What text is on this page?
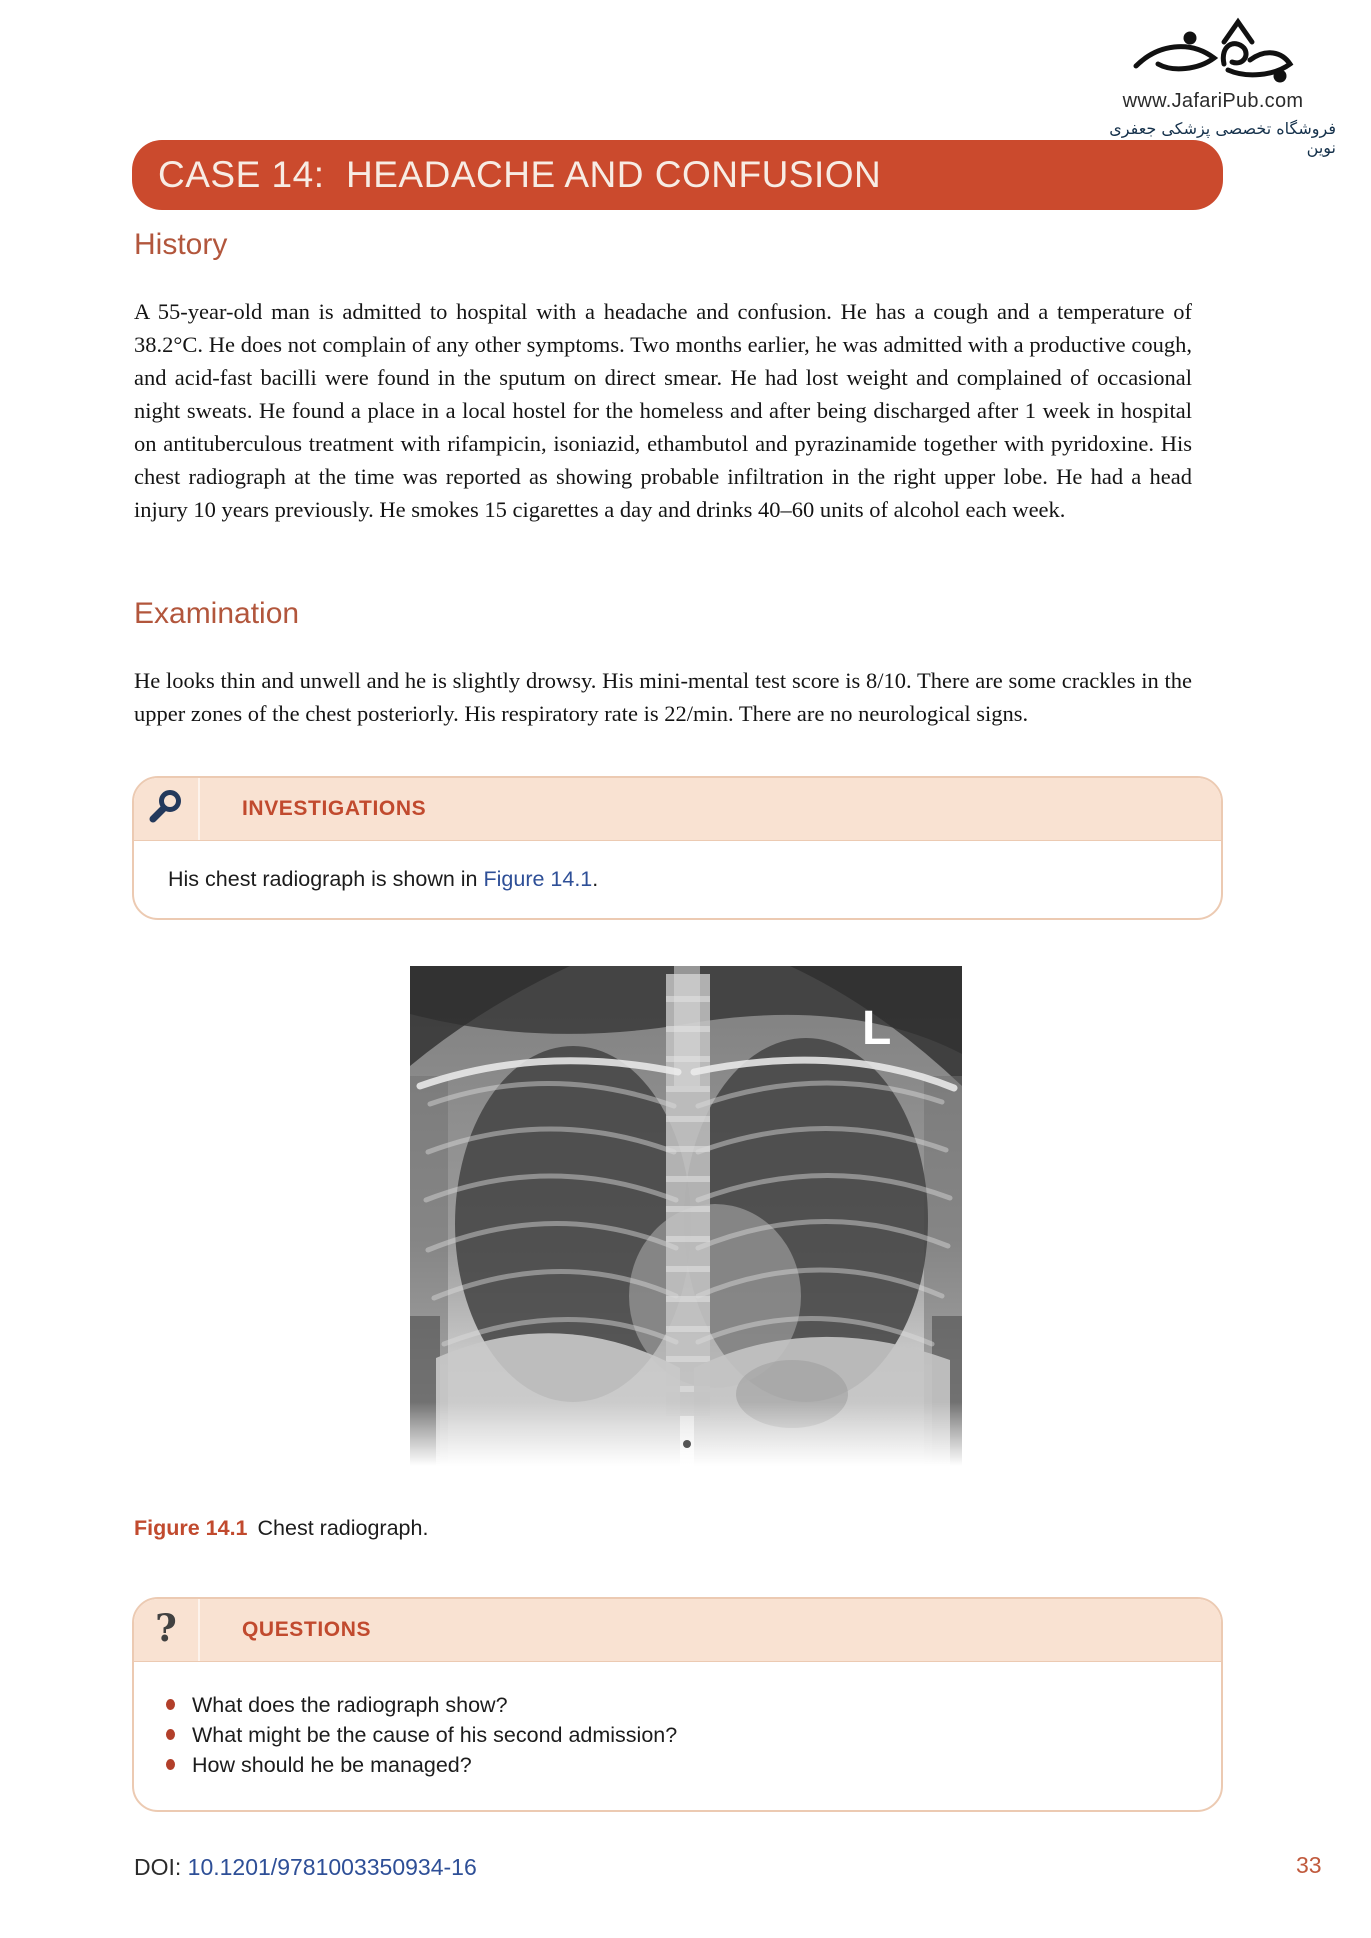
www.JafariPub.com
فروشگاه تخصصی پزشکی جعفری نوین
CASE 14:  HEADACHE AND CONFUSION
History

A 55-year-old man is admitted to hospital with a headache and confusion. He has a cough and a temperature of 38.2°C. He does not complain of any other symptoms. Two months earlier, he was admitted with a productive cough, and acid-fast bacilli were found in the sputum on direct smear. He had lost weight and complained of occasional night sweats. He found a place in a local hostel for the homeless and after being discharged after 1 week in hospital on antituberculous treatment with rifampicin, isoniazid, ethambutol and pyrazinamide together with pyridoxine. His chest radiograph at the time was reported as showing probable infiltration in the right upper lobe. He had a head injury 10 years previously. He smokes 15 cigarettes a day and drinks 40–60 units of alcohol each week.

Examination

He looks thin and unwell and he is slightly drowsy. His mini-mental test score is 8/10. There are some crackles in the upper zones of the chest posteriorly. His respiratory rate is 22/min. There are no neurological signs.

INVESTIGATIONS
His chest radiograph is shown in Figure 14.1.
L
Figure 14.1 Chest radiograph.
?	QUESTIONS
What does the radiograph show?
What might be the cause of his second admission?
How should he be managed?
DOI: 10.1201/9781003350934-16	33
